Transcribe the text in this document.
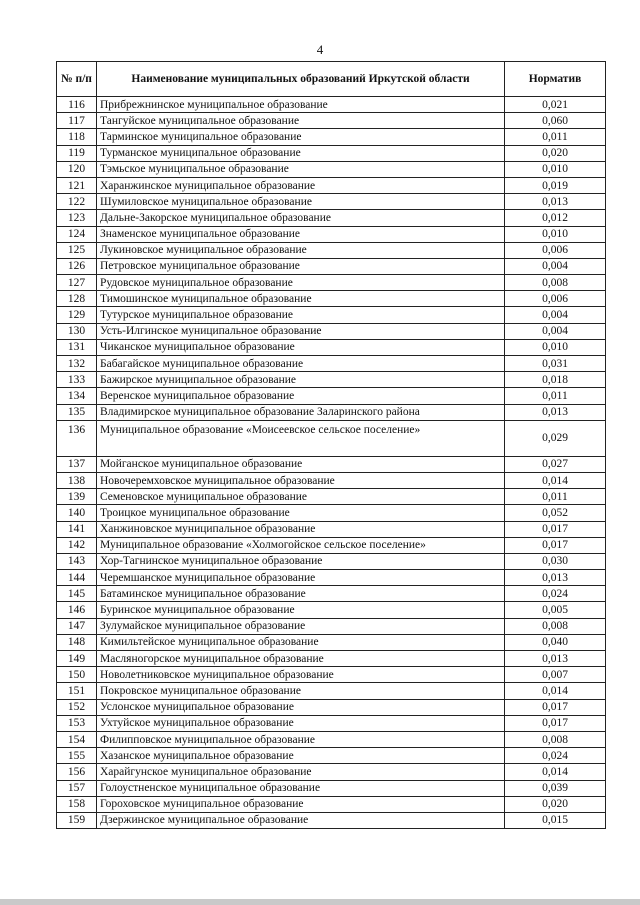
4
№ п/п	Наименование муниципальных образований Иркутской области	Норматив
116	Прибрежнинское муниципальное образование	0,021
117	Тангуйское муниципальное образование	0,060
118	Тарминское муниципальное образование	0,011
119	Турманское муниципальное образование	0,020
120	Тэмьское муниципальное образование	0,010
121	Харанжинское муниципальное образование	0,019
122	Шумиловское муниципальное образование	0,013
123	Дальне-Закорское муниципальное образование	0,012
124	Знаменское муниципальное образование	0,010
125	Лукиновское муниципальное образование	0,006
126	Петровское муниципальное образование	0,004
127	Рудовское муниципальное образование	0,008
128	Тимошинское муниципальное образование	0,006
129	Тутурское муниципальное образование	0,004
130	Усть-Илгинское муниципальное образование	0,004
131	Чиканское муниципальное образование	0,010
132	Бабагайское муниципальное образование	0,031
133	Бажирское муниципальное образование	0,018
134	Веренское муниципальное образование	0,011
135	Владимирское муниципальное образование Заларинского района	0,013
136	Муниципальное образование «Моисеевское сельское поселение»	0,029
137	Мойганское муниципальное образование	0,027
138	Новочеремховское муниципальное образование	0,014
139	Семеновское муниципальное образование	0,011
140	Троицкое муниципальное образование	0,052
141	Ханжиновское муниципальное образование	0,017
142	Муниципальное образование «Холмогойское сельское поселение»	0,017
143	Хор-Тагнинское муниципальное образование	0,030
144	Черемшанское муниципальное образование	0,013
145	Батаминское муниципальное образование	0,024
146	Буринское муниципальное образование	0,005
147	Зулумайское муниципальное образование	0,008
148	Кимильтейское муниципальное образование	0,040
149	Масляногорское муниципальное образование	0,013
150	Новолетниковское муниципальное образование	0,007
151	Покровское муниципальное образование	0,014
152	Услонское муниципальное образование	0,017
153	Ухтуйское муниципальное образование	0,017
154	Филипповское муниципальное образование	0,008
155	Хазанское муниципальное образование	0,024
156	Харайгунское муниципальное образование	0,014
157	Голоустненское муниципальное образование	0,039
158	Гороховское муниципальное образование	0,020
159	Дзержинское муниципальное образование	0,015
